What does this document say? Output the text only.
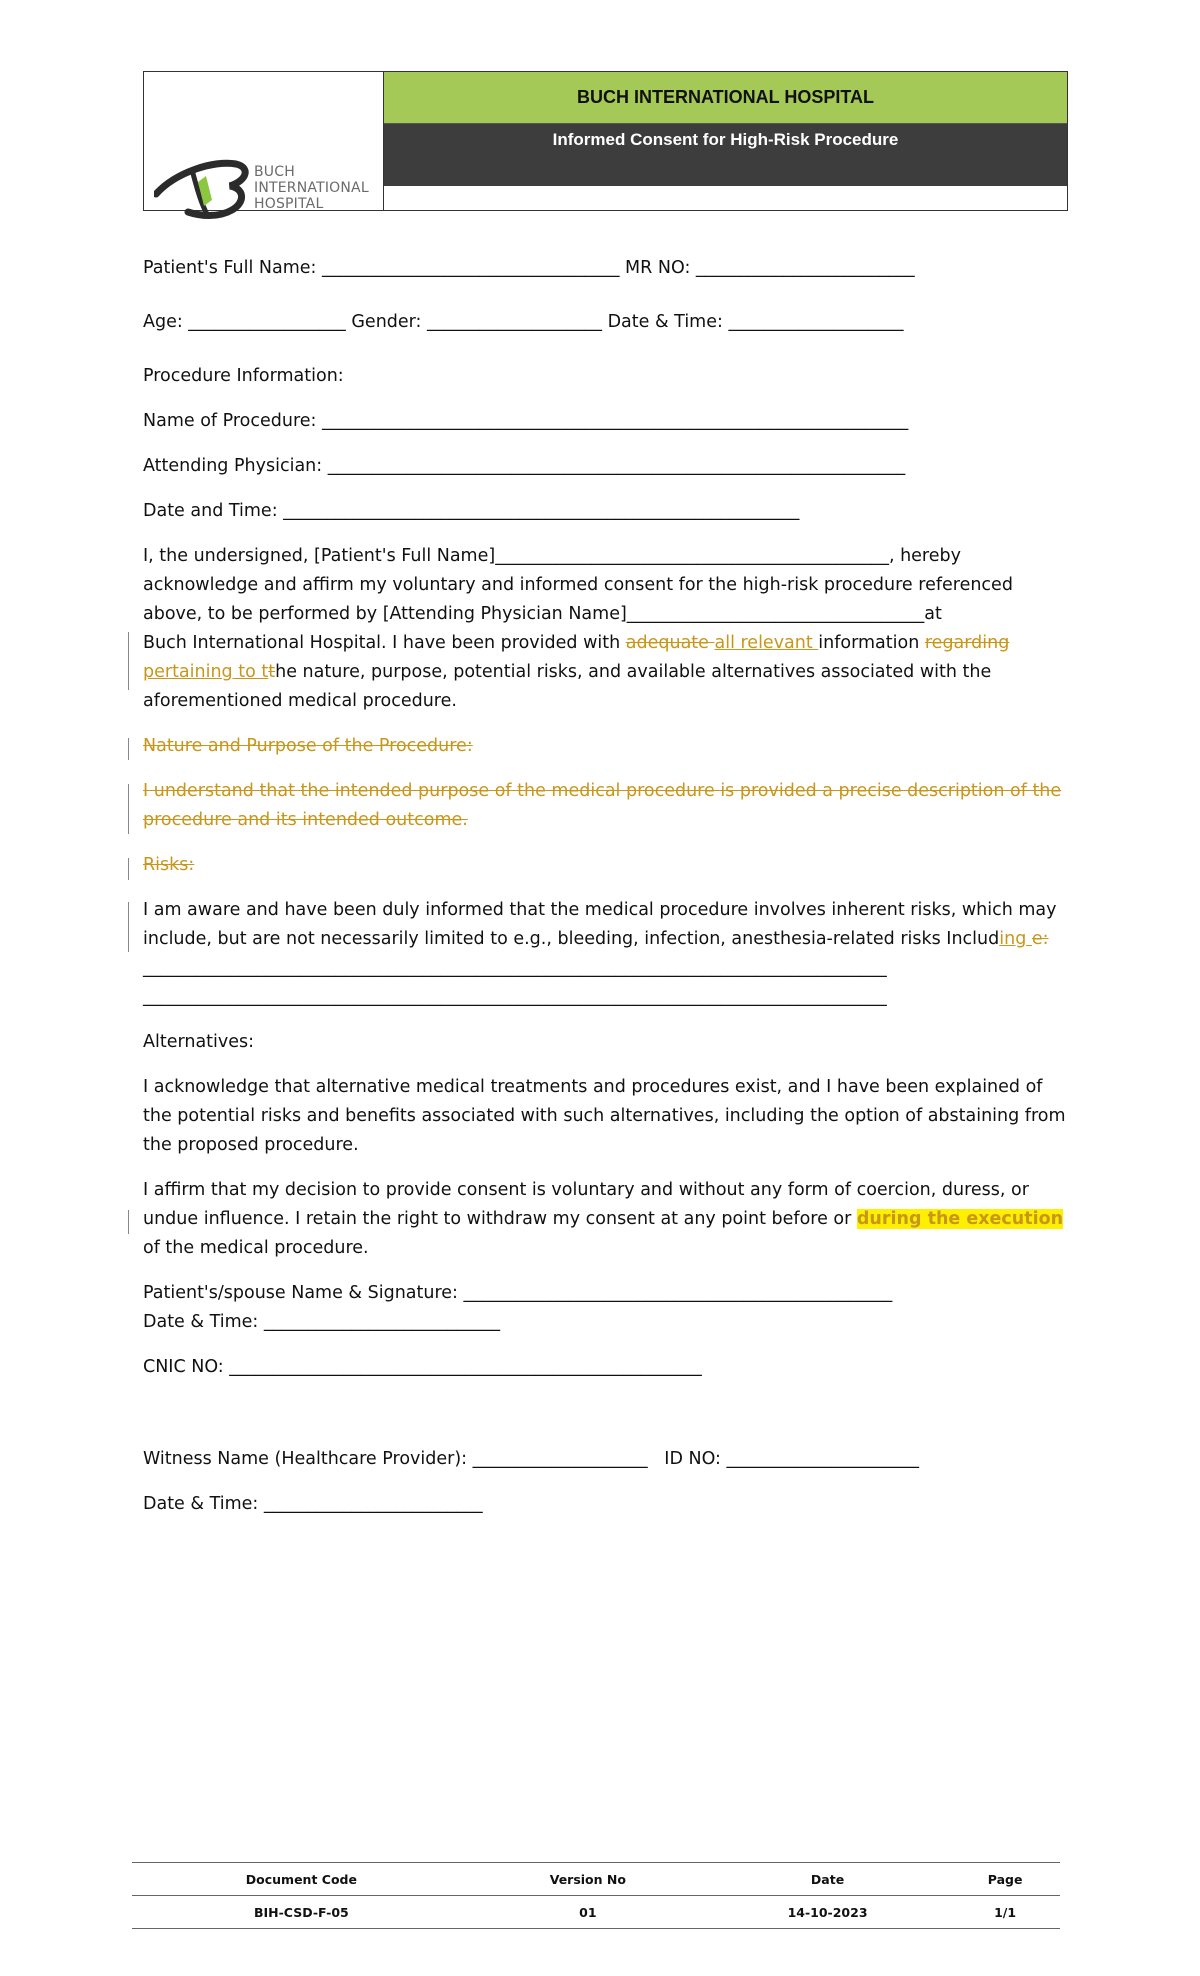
BUCH
INTERNATIONAL
HOSPITAL
BUCH INTERNATIONAL HOSPITAL
Informed Consent for High-Risk Procedure

Patient's Full Name: __________________________________ MR NO: _________________________

Age: __________________ Gender: ____________________ Date & Time: ____________________

Procedure Information:

Name of Procedure: ___________________________________________________________________

Attending Physician: __________________________________________________________________

Date and Time: ___________________________________________________________

I, the undersigned, [Patient's Full Name]_____________________________________________, hereby
acknowledge and affirm my voluntary and informed consent for the high-risk procedure referenced
above, to be performed by [Attending Physician Name]__________________________________at
Buch International Hospital. I have been provided with adequate all relevant information regarding
pertaining to tthe nature, purpose, potential risks, and available alternatives associated with the
aforementioned medical procedure.

Nature and Purpose of the Procedure:

I understand that the intended purpose of the medical procedure is provided a precise description of the
procedure and its intended outcome.

Risks:

I am aware and have been duly informed that the medical procedure involves inherent risks, which may
include, but are not necessarily limited to e.g., bleeding, infection, anesthesia-related risks Including e:
_____________________________________________________________________________________
_____________________________________________________________________________________

Alternatives:

I acknowledge that alternative medical treatments and procedures exist, and I have been explained of
the potential risks and benefits associated with such alternatives, including the option of abstaining from
the proposed procedure.
I affirm that my decision to provide consent is voluntary and without any form of coercion, duress, or
undue influence. I retain the right to withdraw my consent at any point before or during the execution
of the medical procedure.
Patient's/spouse Name & Signature: _________________________________________________
Date & Time: ___________________________

CNIC NO: ______________________________________________________

Witness Name (Healthcare Provider): ____________________   ID NO: ______________________

Date & Time: _________________________

Document Code	Version No	Date	Page
BIH-CSD-F-05	01	14-10-2023	1/1
